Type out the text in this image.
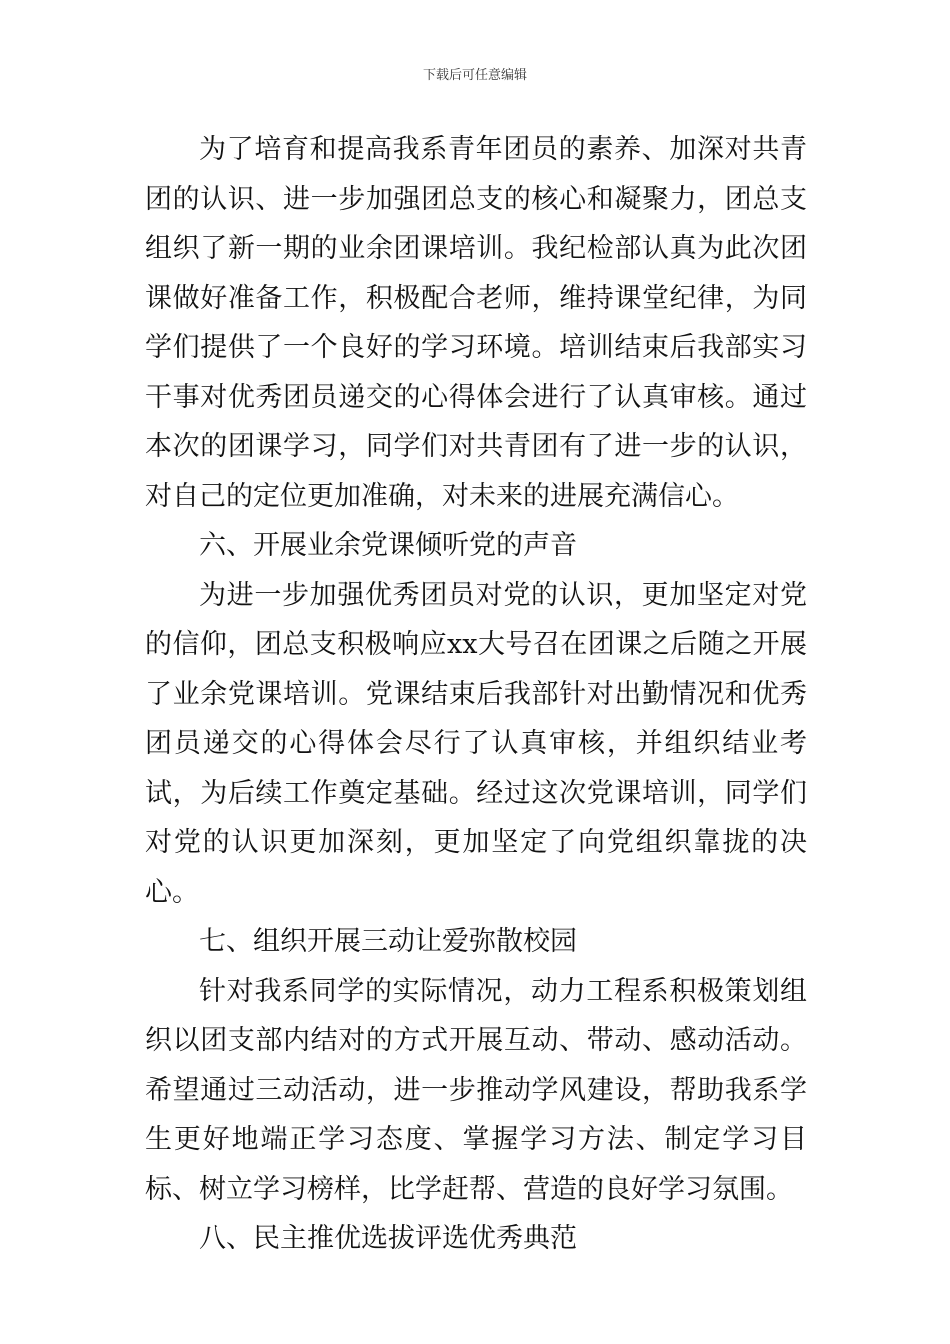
下载后可任意编辑

为了培育和提高我系青年团员的素养、加深对共青团的认识、进一步加强团总支的核心和凝聚力，团总支组织了新一期的业余团课培训。我纪检部认真为此次团课做好准备工作，积极配合老师，维持课堂纪律，为同学们提供了一个良好的学习环境。培训结束后我部实习干事对优秀团员递交的心得体会进行了认真审核。通过本次的团课学习，同学们对共青团有了进一步的认识，对自己的定位更加准确，对未来的进展充满信心。

六、开展业余党课倾听党的声音

为进一步加强优秀团员对党的认识，更加坚定对党的信仰，团总支积极响应xx大号召在团课之后随之开展了业余党课培训。党课结束后我部针对出勤情况和优秀团员递交的心得体会尽行了认真审核，并组织结业考试，为后续工作奠定基础。经过这次党课培训，同学们对党的认识更加深刻，更加坚定了向党组织靠拢的决心。

七、组织开展三动让爱弥散校园

针对我系同学的实际情况，动力工程系积极策划组织以团支部内结对的方式开展互动、带动、感动活动。希望通过三动活动，进一步推动学风建设，帮助我系学生更好地端正学习态度、掌握学习方法、制定学习目标、树立学习榜样，比学赶帮、营造的良好学习氛围。

八、民主推优选拔评选优秀典范
